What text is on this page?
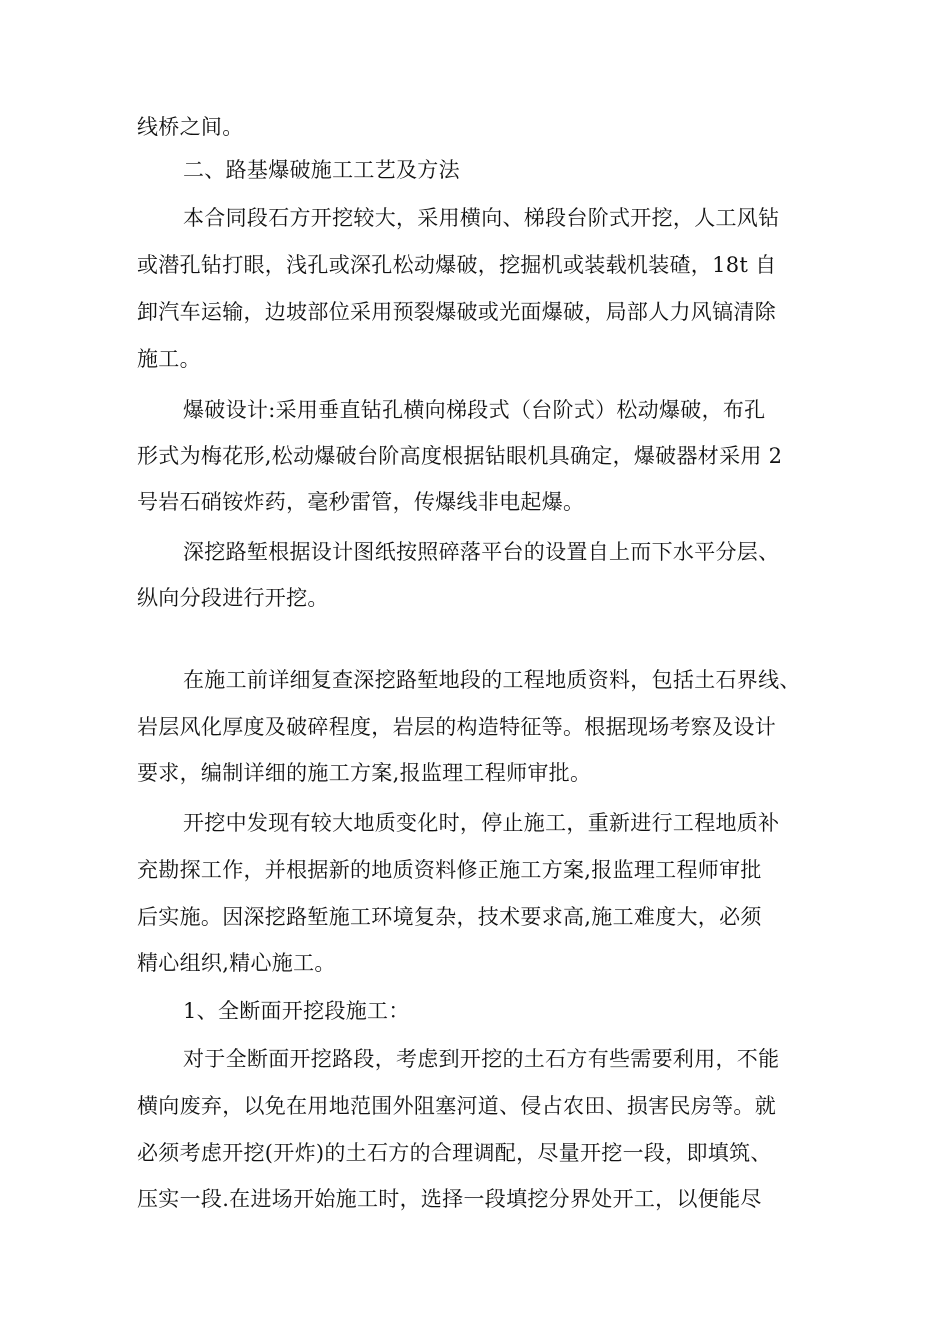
线桥之间。
二、路基爆破施工工艺及方法
本合同段石方开挖较大，采用横向、梯段台阶式开挖，人工风钻
或潜孔钻打眼，浅孔或深孔松动爆破，挖掘机或装载机装碴，18t 自
卸汽车运输，边坡部位采用预裂爆破或光面爆破，局部人力风镐清除
施工。
爆破设计:采用垂直钻孔横向梯段式（台阶式）松动爆破，布孔
形式为梅花形,松动爆破台阶高度根据钻眼机具确定，爆破器材采用 2
号岩石硝铵炸药，毫秒雷管，传爆线非电起爆。
深挖路堑根据设计图纸按照碎落平台的设置自上而下水平分层、
纵向分段进行开挖。
在施工前详细复查深挖路堑地段的工程地质资料，包括土石界线、
岩层风化厚度及破碎程度，岩层的构造特征等。根据现场考察及设计
要求，编制详细的施工方案,报监理工程师审批。
开挖中发现有较大地质变化时，停止施工，重新进行工程地质补
充勘探工作，并根据新的地质资料修正施工方案,报监理工程师审批
后实施。因深挖路堑施工环境复杂，技术要求高,施工难度大，必须
精心组织,精心施工。
1、全断面开挖段施工：
对于全断面开挖路段，考虑到开挖的土石方有些需要利用，不能
横向废弃，以免在用地范围外阻塞河道、侵占农田、损害民房等。就
必须考虑开挖(开炸)的土石方的合理调配，尽量开挖一段，即填筑、
压实一段.在进场开始施工时，选择一段填挖分界处开工，以便能尽
